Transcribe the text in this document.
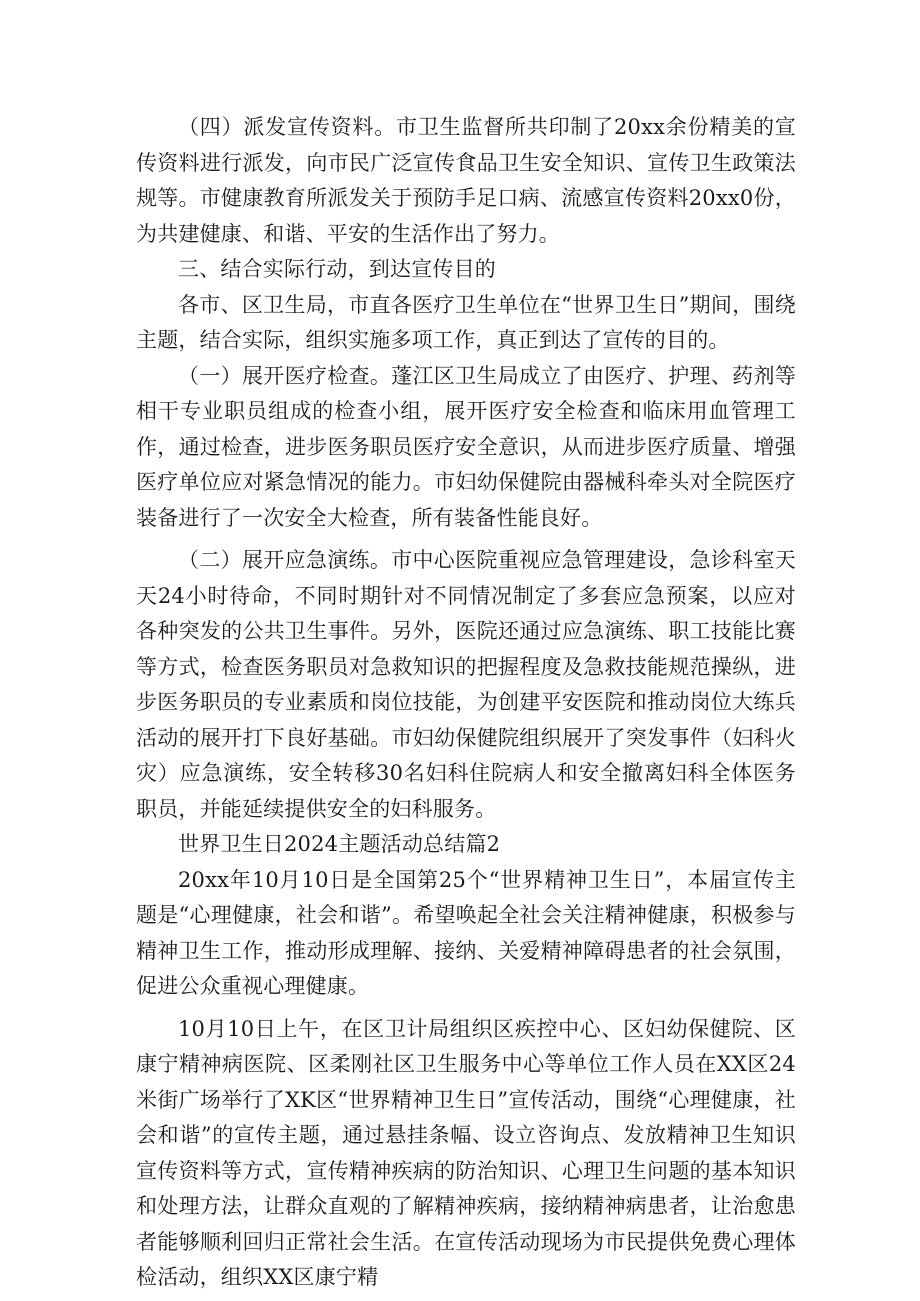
（四）派发宣传资料。市卫生监督所共印制了20xx余份精美的宣传资料进行派发，向市民广泛宣传食品卫生安全知识、宣传卫生政策法规等。市健康教育所派发关于预防手足口病、流感宣传资料20xx0份，为共建健康、和谐、平安的生活作出了努力。

三、结合实际行动，到达宣传目的

各市、区卫生局，市直各医疗卫生单位在“世界卫生日”期间，围绕主题，结合实际，组织实施多项工作，真正到达了宣传的目的。

（一）展开医疗检查。蓬江区卫生局成立了由医疗、护理、药剂等相干专业职员组成的检查小组，展开医疗安全检查和临床用血管理工作，通过检查，进步医务职员医疗安全意识，从而进步医疗质量、增强医疗单位应对紧急情况的能力。市妇幼保健院由器械科牵头对全院医疗装备进行了一次安全大检查，所有装备性能良好。

（二）展开应急演练。市中心医院重视应急管理建设，急诊科室天天24小时待命，不同时期针对不同情况制定了多套应急预案，以应对各种突发的公共卫生事件。另外，医院还通过应急演练、职工技能比赛等方式，检查医务职员对急救知识的把握程度及急救技能规范操纵，进步医务职员的专业素质和岗位技能，为创建平安医院和推动岗位大练兵活动的展开打下良好基础。市妇幼保健院组织展开了突发事件（妇科火灾）应急演练，安全转移30名妇科住院病人和安全撤离妇科全体医务职员，并能延续提供安全的妇科服务。

世界卫生日2024主题活动总结篇2

20xx年10月10日是全国第25个“世界精神卫生日”，本届宣传主题是“心理健康，社会和谐”。希望唤起全社会关注精神健康，积极参与精神卫生工作，推动形成理解、接纳、关爱精神障碍患者的社会氛围，促进公众重视心理健康。

10月10日上午，在区卫计局组织区疾控中心、区妇幼保健院、区康宁精神病医院、区柔刚社区卫生服务中心等单位工作人员在XX区24米街广场举行了XK区“世界精神卫生日”宣传活动，围绕“心理健康，社会和谐”的宣传主题，通过悬挂条幅、设立咨询点、发放精神卫生知识宣传资料等方式，宣传精神疾病的防治知识、心理卫生问题的基本知识和处理方法，让群众直观的了解精神疾病，接纳精神病患者，让治愈患者能够顺利回归正常社会生活。在宣传活动现场为市民提供免费心理体检活动，组织XX区康宁精
